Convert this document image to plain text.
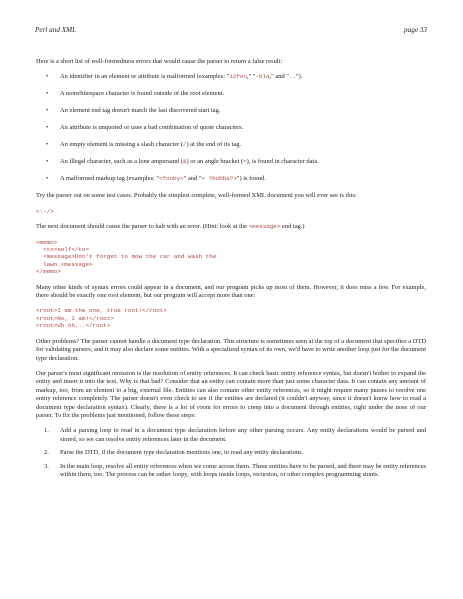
Perl and XML	page 33

Here is a short list of well-formedness errors that would cause the parser to return a false result:

• An identifier in an element or attribute is malformed (examples: "12foo," "-bla," and "..").
• A nonwhitespace character is found outside of the root element.
• An element end tag doesn't match the last discovered start tag.
• An attribute is unquoted or uses a bad combination of quote characters.
• An empty element is missing a slash character (/) at the end of its tag.
• An illegal character, such as a lone ampersand (&) or an angle bracket (<), is found in character data.
• A malformed markup tag (examples: "<fooby<" and "< ?bubba?>") is found.

Try the parser out on some test cases. Probably the simplest complete, well-formed XML document you will ever see is this:

<:-/>

The next document should cause the parser to halt with an error. (Hint: look at the <message> end tag.)

<memo>
<to>self</to>
<message>Don't forget to mow the car and wash the
lawn.<message>
</memo>

Many other kinds of syntax errors could appear in a document, and our program picks up most of them. However, it does miss a few. For example, there should be exactly one root element, but our program will accept more than one:

<root>I am the one, true root!</root>
<root>No, I am!</root>
<root>Uh oh...</root>

Other problems? The parser cannot handle a document type declaration. This structure is sometimes seen at the top of a document that specifies a DTD for validating parsers, and it may also declare some entities. With a specialized syntax of its own, we'd have to write another loop just for the document type declaration.

Our parser's most significant omission is the resolution of entity references. It can check basic entity reference syntax, but doesn't bother to expand the entity and insert it into the text. Why is that bad? Consider that an entity can contain more than just some character data. It can contain any amount of markup, too, from an element to a big, external file. Entities can also contain other entity references, so it might require many passes to resolve one entity reference completely. The parser doesn't even check to see if the entities are declared (it couldn't anyway, since it doesn't know how to read a document type declaration syntax). Clearly, there is a lot of room for errors to creep into a document through entities, right under the nose of our parser. To fix the problems just mentioned, follow these steps:

1. Add a parsing loop to read in a document type declaration before any other parsing occurs. Any entity declarations would be parsed and stored, so we can resolve entity references later in the document.
2. Parse the DTD, if the document type declaration mentions one, to read any entity declarations.
3. In the main loop, resolve all entity references when we come across them. These entities have to be parsed, and there may be entity references within them, too. The process can be rather loopy, with loops inside loops, recursion, or other complex programming stunts.
